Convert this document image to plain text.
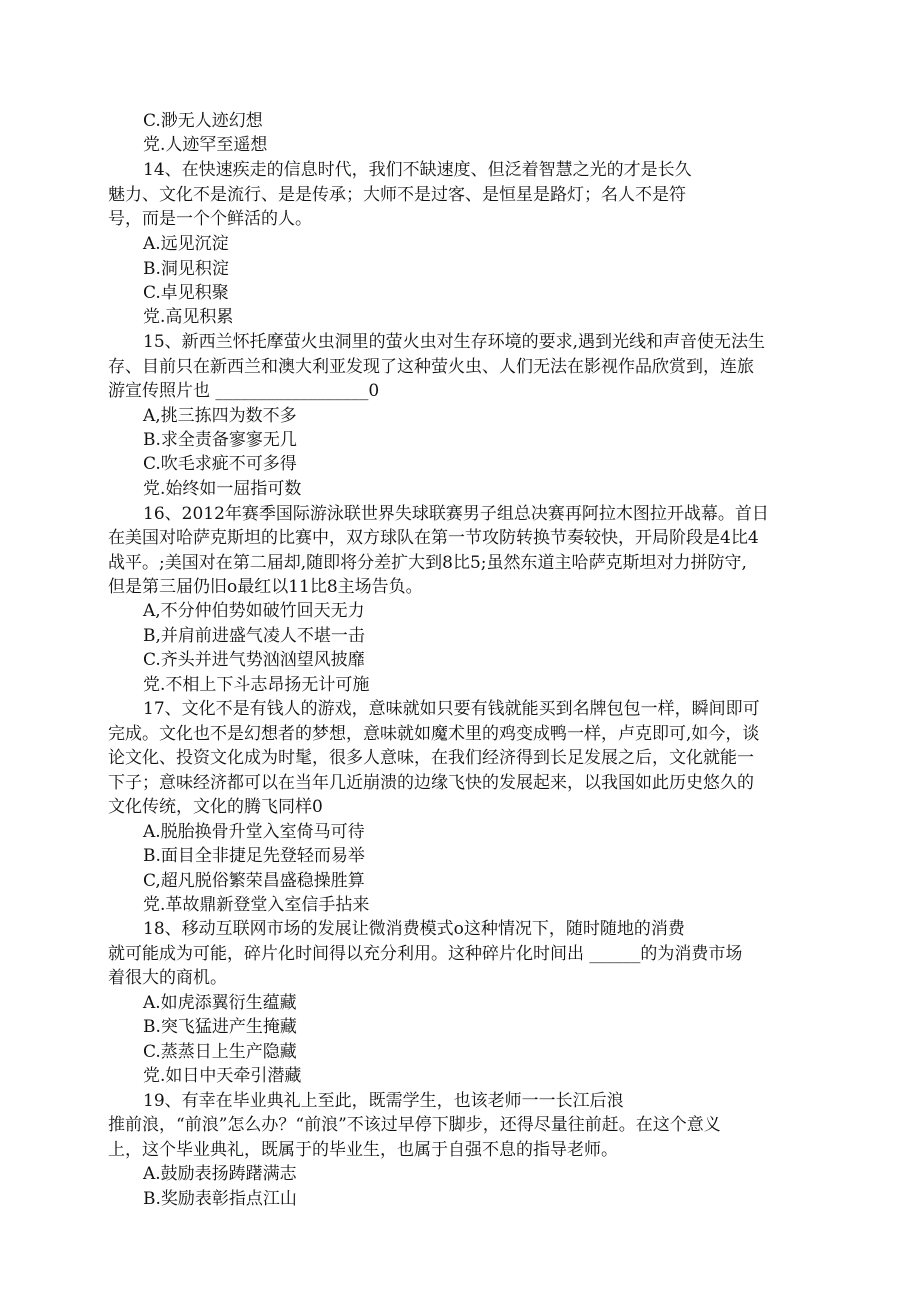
C.渺无人迹幻想
党.人迹罕至遥想
14、在快速疾走的信息时代，我们不缺速度、但泛着智慧之光的才是长久
魅力、文化不是流行、是是传承；大师不是过客、是恒星是路灯；名人不是符
号，而是一个个鲜活的人。
A.远见沉淀
B.洞见积淀
C.卓见积聚
党.高见积累
15、新西兰怀托摩萤火虫洞里的萤火虫对生存环境的要求,遇到光线和声音使无法生
存、目前只在新西兰和澳大利亚发现了这种萤火虫、人们无法在影视作品欣赏到，连旅
游宣传照片也 __________________0
A,挑三拣四为数不多
B.求全责备寥寥无几
C.吹毛求疵不可多得
党.始终如一屈指可数
16、2012年赛季国际游泳联世界失球联赛男子组总决赛再阿拉木图拉开战幕。首日
在美国对哈萨克斯坦的比赛中，双方球队在第一节攻防转换节奏较快，开局阶段是4比4
战平。;美国对在第二届却,随即将分差扩大到8比5;虽然东道主哈萨克斯坦对力拼防守,
但是第三届仍旧o最红以11比8主场告负。
A,不分仲伯势如破竹回天无力
B,并肩前进盛气凌人不堪一击
C.齐头并进气势汹汹望风披靡
党.不相上下斗志昂扬无计可施
17、文化不是有钱人的游戏，意味就如只要有钱就能买到名牌包包一样，瞬间即可
完成。文化也不是幻想者的梦想，意味就如魔术里的鸡变成鸭一样，卢克即可,如今，谈
论文化、投资文化成为时髦，很多人意味，在我们经济得到长足发展之后，文化就能一
下子；意味经济都可以在当年几近崩溃的边缘飞快的发展起来，以我国如此历史悠久的
文化传统，文化的腾飞同样0
A.脱胎换骨升堂入室倚马可待
B.面目全非捷足先登轻而易举
C,超凡脱俗繁荣昌盛稳操胜算
党.革故鼎新登堂入室信手拈来
18、移动互联网市场的发展让微消费模式o这种情况下，随时随地的消费
就可能成为可能，碎片化时间得以充分利用。这种碎片化时间出 ______的为消费市场
着很大的商机。
A.如虎添翼衍生蕴藏
B.突飞猛进产生掩藏
C.蒸蒸日上生产隐藏
党.如日中天牵引潜藏
19、有幸在毕业典礼上至此，既需学生，也该老师一一长江后浪
推前浪，“前浪”怎么办？“前浪”不该过早停下脚步，还得尽量往前赶。在这个意义
上，这个毕业典礼，既属于的毕业生，也属于自强不息的指导老师。
A.鼓励表扬踌躇满志
B.奖励表彰指点江山
